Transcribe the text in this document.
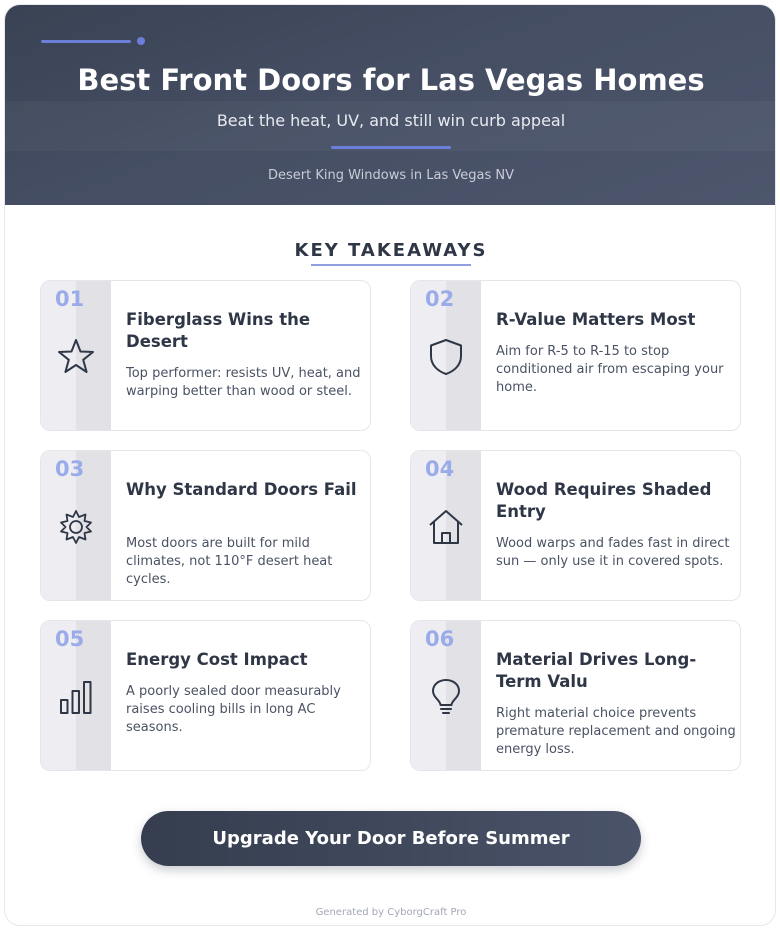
Best Front Doors for Las Vegas Homes
Beat the heat, UV, and still win curb appeal
Desert King Windows in Las Vegas NV
KEY TAKEAWAYS
01
Fiberglass Wins the Desert
Top performer: resists UV, heat, and warping better than wood or steel.
02
R-Value Matters Most
Aim for R-5 to R-15 to stop conditioned air from escaping your home.
03
Why Standard Doors Fail
Most doors are built for mild climates, not 110°F desert heat cycles.
04
Wood Requires Shaded Entry
Wood warps and fades fast in direct sun — only use it in covered spots.
05
Energy Cost Impact
A poorly sealed door measurably raises cooling bills in long AC seasons.
06
Material Drives Long-Term Valu
Right material choice prevents premature replacement and ongoing energy loss.
Upgrade Your Door Before Summer
Generated by CyborgCraft Pro
